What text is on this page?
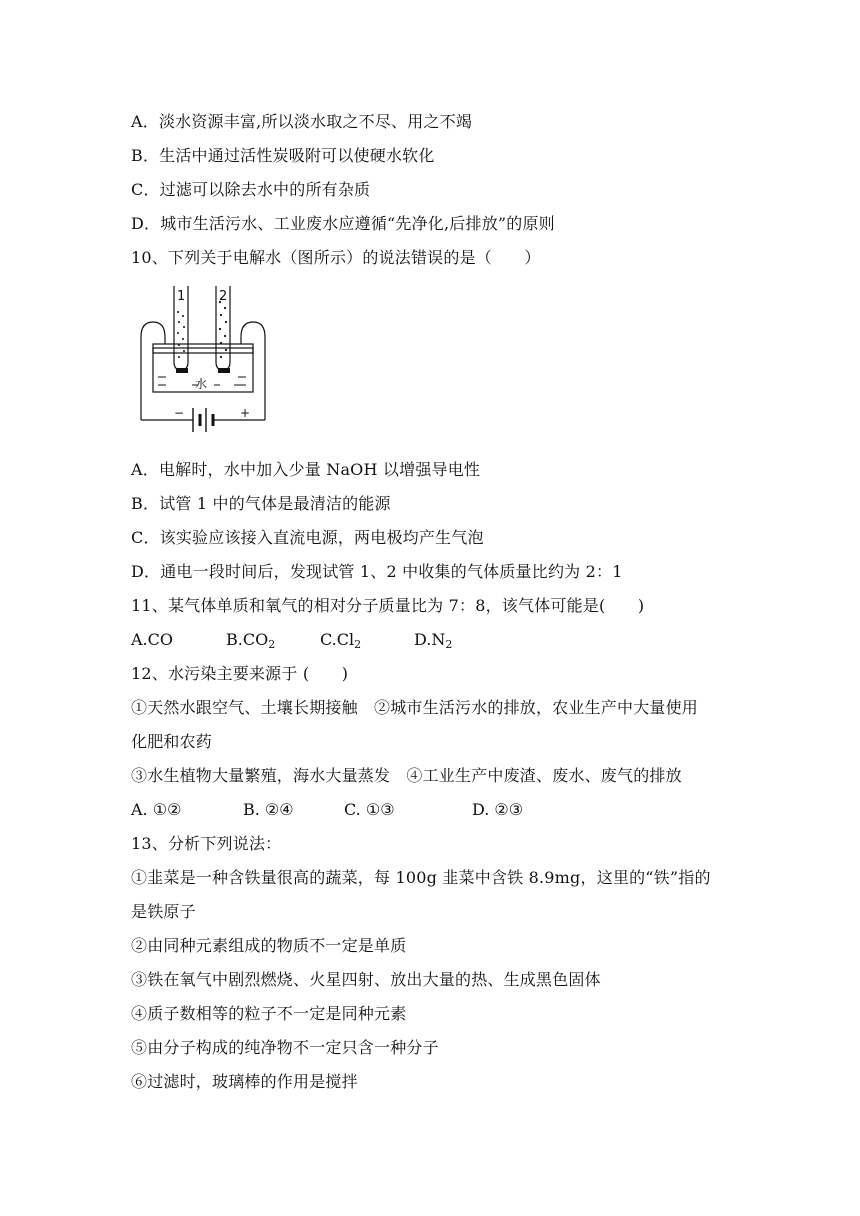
A．淡水资源丰富,所以淡水取之不尽、用之不竭
B．生活中通过活性炭吸附可以使硬水软化
C．过滤可以除去水中的所有杂质
D．城市生活污水、工业废水应遵循“先净化,后排放”的原则
10、下列关于电解水（图所示）的说法错误的是（　　）
1	2
水
−	+
A．电解时，水中加入少量 NaOH 以增强导电性
B．试管 1 中的气体是最清洁的能源
C．该实验应该接入直流电源，两电极均产生气泡
D．通电一段时间后，发现试管 1、2 中收集的气体质量比约为 2：1
11、某气体单质和氧气的相对分子质量比为 7：8，该气体可能是(　　)
A.CO	$B.CO_2$	$C.Cl_2$	$D.N_2$
12、水污染主要来源于 (　　)
①天然水跟空气、土壤长期接触　②城市生活污水的排放，农业生产中大量使用
化肥和农药
③水生植物大量繁殖，海水大量蒸发　④工业生产中废渣、废水、废气的排放
A. ①②	B. ②④	C. ①③	D. ②③
13、分析下列说法：
①韭菜是一种含铁量很高的蔬菜，每 100g 韭菜中含铁 8.9mg，这里的“铁”指的
是铁原子
②由同种元素组成的物质不一定是单质
③铁在氧气中剧烈燃烧、火星四射、放出大量的热、生成黑色固体
④质子数相等的粒子不一定是同种元素
⑤由分子构成的纯净物不一定只含一种分子
⑥过滤时，玻璃棒的作用是搅拌
